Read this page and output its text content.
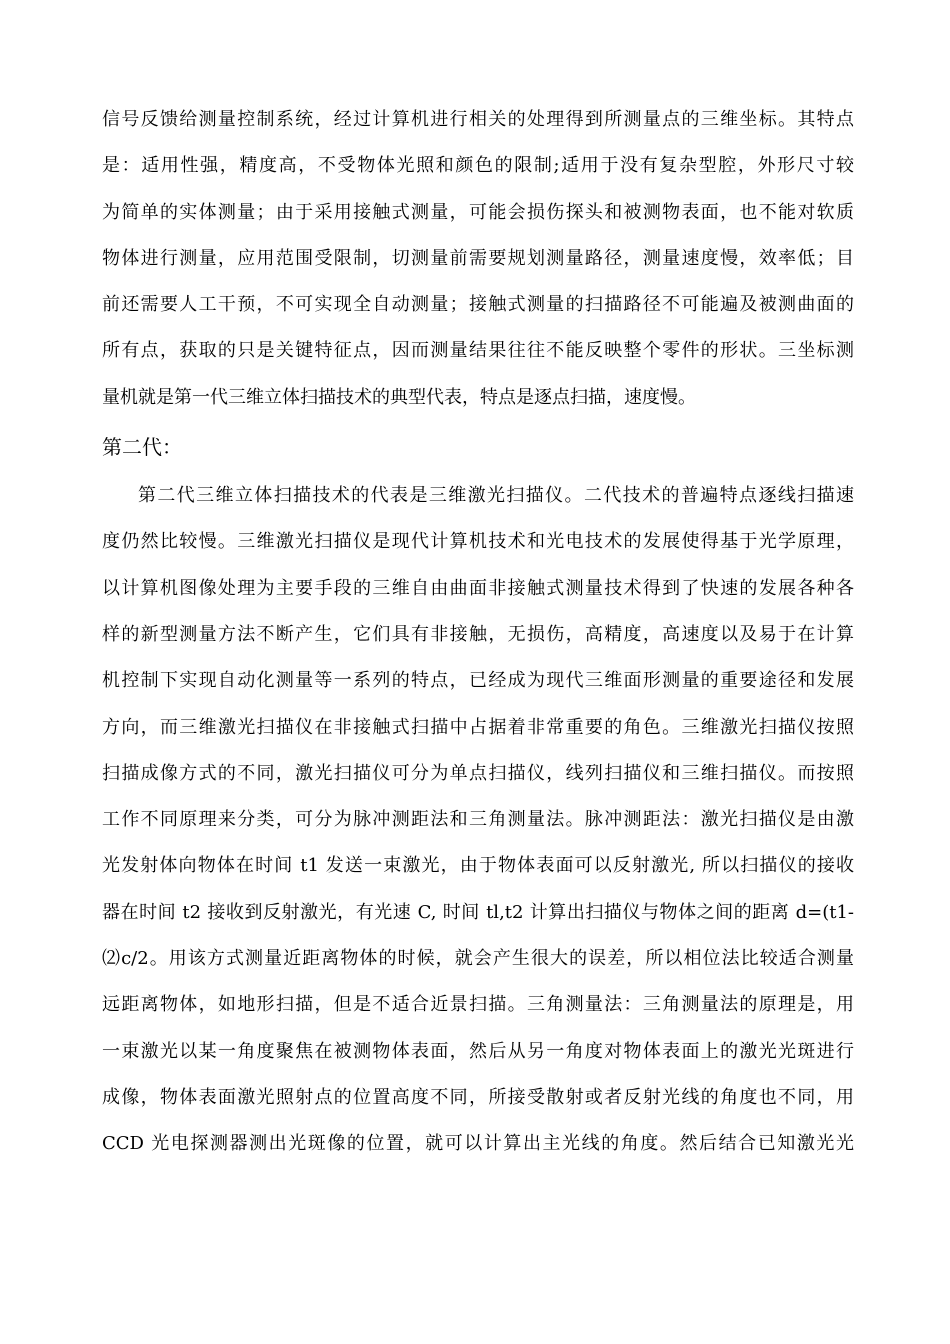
信号反馈给测量控制系统，经过计算机进行相关的处理得到所测量点的三维坐标。其特点
是：适用性强，精度高，不受物体光照和颜色的限制;适用于没有复杂型腔，外形尺寸较
为简单的实体测量；由于采用接触式测量，可能会损伤探头和被测物表面，也不能对软质
物体进行测量，应用范围受限制，切测量前需要规划测量路径，测量速度慢，效率低；目
前还需要人工干预，不可实现全自动测量；接触式测量的扫描路径不可能遍及被测曲面的
所有点，获取的只是关键特征点，因而测量结果往往不能反映整个零件的形状。三坐标测
量机就是第一代三维立体扫描技术的典型代表，特点是逐点扫描，速度慢。
第二代：
第二代三维立体扫描技术的代表是三维激光扫描仪。二代技术的普遍特点逐线扫描速
度仍然比较慢。三维激光扫描仪是现代计算机技术和光电技术的发展使得基于光学原理，
以计算机图像处理为主要手段的三维自由曲面非接触式测量技术得到了快速的发展各种各
样的新型测量方法不断产生，它们具有非接触，无损伤，高精度，高速度以及易于在计算
机控制下实现自动化测量等一系列的特点，已经成为现代三维面形测量的重要途径和发展
方向，而三维激光扫描仪在非接触式扫描中占据着非常重要的角色。三维激光扫描仪按照
扫描成像方式的不同，激光扫描仪可分为单点扫描仪，线列扫描仪和三维扫描仪。而按照
工作不同原理来分类，可分为脉冲测距法和三角测量法。脉冲测距法：激光扫描仪是由激
光发射体向物体在时间 t1 发送一束激光，由于物体表面可以反射激光, 所以扫描仪的接收
器在时间 t2 接收到反射激光，有光速 C, 时间 tl,t2 计算出扫描仪与物体之间的距离 d=(t1-
⑵c/2。用该方式测量近距离物体的时候，就会产生很大的误差，所以相位法比较适合测量
远距离物体，如地形扫描，但是不适合近景扫描。三角测量法：三角测量法的原理是，用
一束激光以某一角度聚焦在被测物体表面，然后从另一角度对物体表面上的激光光斑进行
成像，物体表面激光照射点的位置高度不同，所接受散射或者反射光线的角度也不同，用
CCD 光电探测器测出光斑像的位置，就可以计算出主光线的角度。然后结合已知激光光
